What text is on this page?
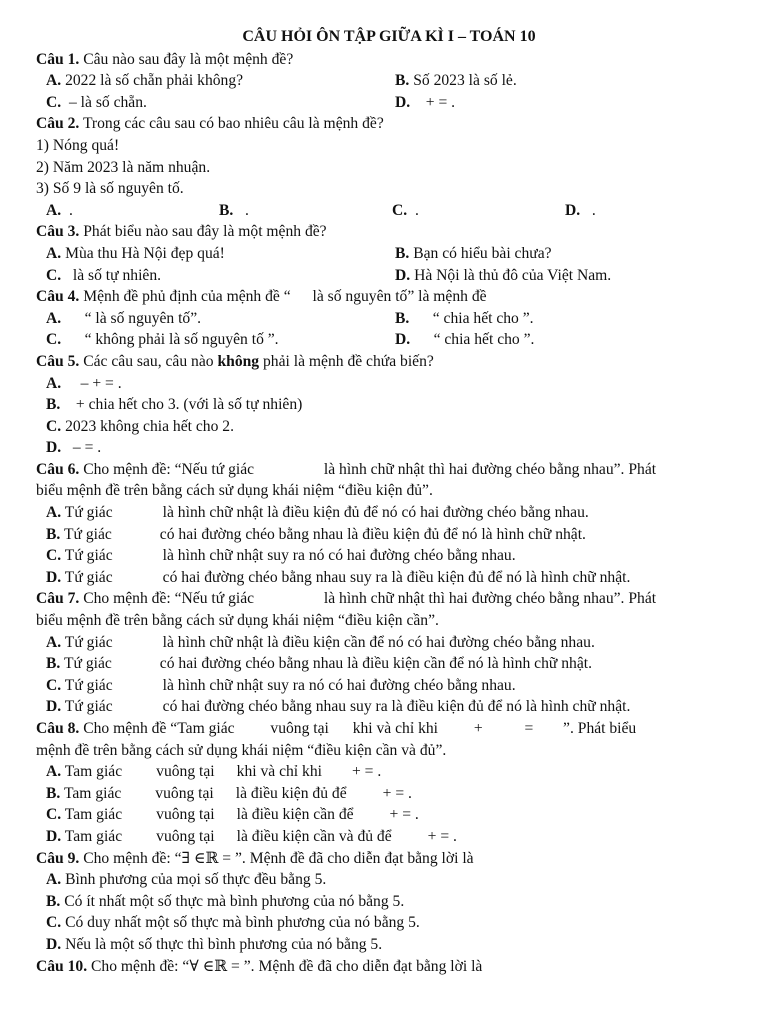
CÂU HỎI ÔN TẬP GIỮA KÌ I – TOÁN 10
Câu 1. Câu nào sau đây là một mệnh đề?
A. 2022 là số chẵn phải không?	B. Số 2023 là số lẻ.
C. – là số chẵn.	D. + = .
Câu 2. Trong các câu sau có bao nhiêu câu là mệnh đề?
1) Nóng quá!
2) Năm 2023 là năm nhuận.
3) Số 9 là số nguyên tố.
A. .	B. .	C. .	D. .
Câu 3. Phát biểu nào sau đây là một mệnh đề?
A. Mùa thu Hà Nội đẹp quá!	B. Bạn có hiểu bài chưa?
C. là số tự nhiên.	D. Hà Nội là thủ đô của Việt Nam.
Câu 4. Mệnh đề phủ định của mệnh đề “ là số nguyên tố” là mệnh đề
A. “ là số nguyên tố”.	B. “ chia hết cho ”.
C. “ không phải là số nguyên tố ”.	D. “ chia hết cho ”.
Câu 5. Các câu sau, câu nào không phải là mệnh đề chứa biến?
A. – + = .
B. + chia hết cho 3. (với là số tự nhiên)
C. 2023 không chia hết cho 2.
D. – = .
Câu 6. Cho mệnh đề: “Nếu tứ giác	là hình chữ nhật thì hai đường chéo bằng nhau”. Phát
biểu mệnh đề trên bằng cách sử dụng khái niệm “điều kiện đủ”.
A. Tứ giác	là hình chữ nhật là điều kiện đủ để nó có hai đường chéo bằng nhau.
B. Tứ giác	có hai đường chéo bằng nhau là điều kiện đủ để nó là hình chữ nhật.
C. Tứ giác	là hình chữ nhật suy ra nó có hai đường chéo bằng nhau.
D. Tứ giác	có hai đường chéo bằng nhau suy ra là điều kiện đủ để nó là hình chữ nhật.
Câu 7. Cho mệnh đề: “Nếu tứ giác	là hình chữ nhật thì hai đường chéo bằng nhau”. Phát
biểu mệnh đề trên bằng cách sử dụng khái niệm “điều kiện cần”.
A. Tứ giác	là hình chữ nhật là điều kiện cần để nó có hai đường chéo bằng nhau.
B. Tứ giác	có hai đường chéo bằng nhau là điều kiện cần để nó là hình chữ nhật.
C. Tứ giác	là hình chữ nhật suy ra nó có hai đường chéo bằng nhau.
D. Tứ giác	có hai đường chéo bằng nhau suy ra là điều kiện đủ để nó là hình chữ nhật.
Câu 8. Cho mệnh đề “Tam giác vuông tại khi và chỉ khi +	= ”. Phát biểu
mệnh đề trên bằng cách sử dụng khái niệm “điều kiện cần và đủ”.
A. Tam giác vuông tại khi và chỉ khi + = .
B. Tam giác vuông tại là điều kiện đủ để + = .
C. Tam giác vuông tại là điều kiện cần để + = .
D. Tam giác vuông tại là điều kiện cần và đủ để + = .
Câu 9. Cho mệnh đề: “∃ ∈ℝ = ”. Mệnh đề đã cho diễn đạt bằng lời là
A. Bình phương của mọi số thực đều bằng 5.
B. Có ít nhất một số thực mà bình phương của nó bằng 5.
C. Có duy nhất một số thực mà bình phương của nó bằng 5.
D. Nếu là một số thực thì bình phương của nó bằng 5.
Câu 10. Cho mệnh đề: “∀ ∈ℝ = ”. Mệnh đề đã cho diễn đạt bằng lời là
